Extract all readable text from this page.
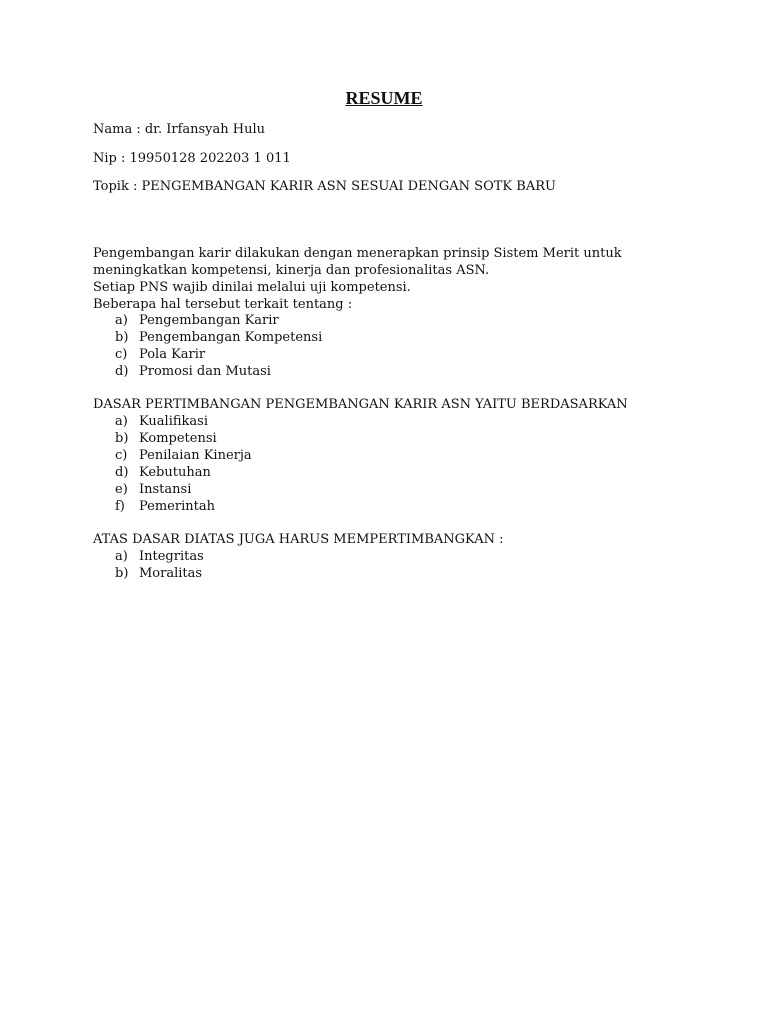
RESUME
Nama : dr. Irfansyah Hulu
Nip : 19950128 202203 1 011
Topik : PENGEMBANGAN KARIR ASN SESUAI DENGAN SOTK BARU

Pengembangan karir dilakukan dengan menerapkan prinsip Sistem Merit untuk meningkatkan kompetensi, kinerja dan profesionalitas ASN.

Setiap PNS wajib dinilai melalui uji kompetensi.

Beberapa hal tersebut terkait tentang :

a) Pengembangan Karir
b) Pengembangan Kompetensi
c) Pola Karir
d) Promosi dan Mutasi
DASAR PERTIMBANGAN PENGEMBANGAN KARIR ASN YAITU BERDASARKAN
a) Kualifikasi
b) Kompetensi
c) Penilaian Kinerja
d) Kebutuhan
e) Instansi
f) Pemerintah
ATAS DASAR DIATAS JUGA HARUS MEMPERTIMBANGKAN :
a) Integritas
b) Moralitas
